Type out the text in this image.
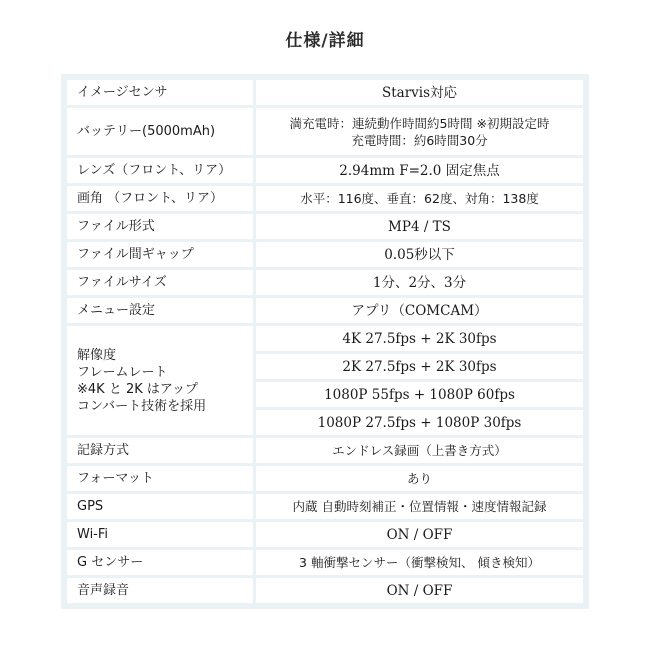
仕様/詳細
イメージセンサ	Starvis対応
バッテリー(5000mAh)	満充電時：連続動作時間約5時間 ※初期設定時
充電時間：約6時間30分

レンズ（フロント、リア）	2.94mm F=2.0 固定焦点
画角 （フロント、リア）	水平：116度、垂直：62度、対角：138度
ファイル形式	MP4 / TS
ファイル間ギャップ	0.05秒以下
ファイルサイズ	1分、2分、3分
メニュー設定	アプリ（COMCAM）

解像度
フレームレート
※4K と 2K はアップ
コンバート技術を採用	4K 27.5fps + 2K 30fps
	2K 27.5fps + 2K 30fps
	1080P 55fps + 1080P 60fps
	1080P 27.5fps + 1080P 30fps
記録方式	エンドレス録画（上書き方式）
フォーマット	あり
GPS	内蔵 自動時刻補正・位置情報・速度情報記録
Wi-Fi	ON / OFF
G センサー	3 軸衝撃センサー（衝撃検知、 傾き検知）
音声録音	ON / OFF
